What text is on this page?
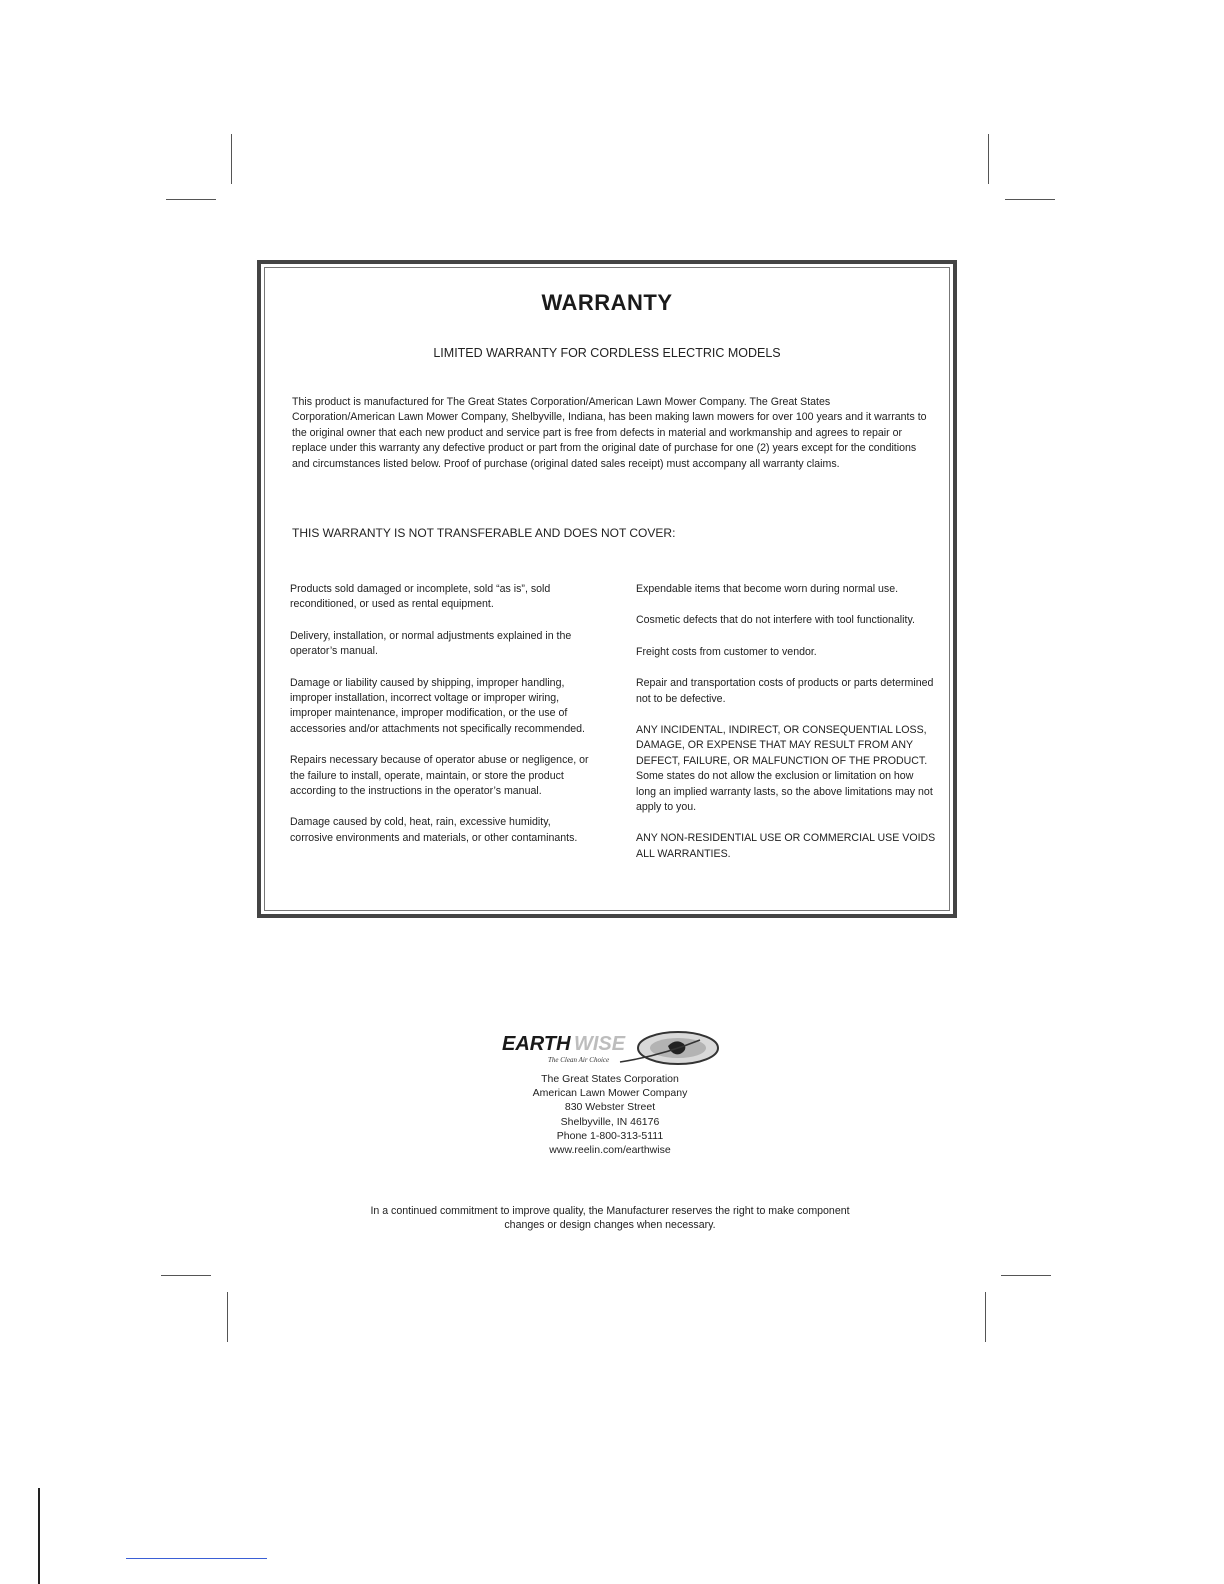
WARRANTY
LIMITED WARRANTY FOR CORDLESS ELECTRIC MODELS
This product is manufactured for The Great States Corporation/American Lawn Mower Company. The Great States Corporation/American Lawn Mower Company, Shelbyville, Indiana, has been making lawn mowers for over 100 years and it warrants to the original owner that each new product and service part is free from defects in material and workmanship and agrees to repair or replace under this warranty any defective product or part from the original date of purchase for one (2) years except for the conditions and circumstances listed below. Proof of purchase (original dated sales receipt) must accompany all warranty claims.
THIS WARRANTY IS NOT TRANSFERABLE AND DOES NOT COVER:

Products sold damaged or incomplete, sold “as is”, sold reconditioned, or used as rental equipment.

Delivery, installation, or normal adjustments explained in the operator’s manual.

Damage or liability caused by shipping, improper handling, improper installation, incorrect voltage or improper wiring, improper maintenance, improper modification, or the use of accessories and/or attachments not specifically recommended.

Repairs necessary because of operator abuse or negligence, or the failure to install, operate, maintain, or store the product according to the instructions in the operator’s manual.

Damage caused by cold, heat, rain, excessive humidity, corrosive environments and materials, or other contaminants.

Expendable items that become worn during normal use.

Cosmetic defects that do not interfere with tool functionality.

Freight costs from customer to vendor.

Repair and transportation costs of products or parts determined not to be defective.

ANY INCIDENTAL, INDIRECT, OR CONSEQUENTIAL LOSS, DAMAGE, OR EXPENSE THAT MAY RESULT FROM ANY DEFECT, FAILURE, OR MALFUNCTION OF THE PRODUCT. Some states do not allow the exclusion or limitation on how long an implied warranty lasts, so the above limitations may not apply to you.

ANY NON-RESIDENTIAL USE OR COMMERCIAL USE VOIDS ALL WARRANTIES.

EARTH WISE
The Clean Air Choice
The Great States Corporation
American Lawn Mower Company
830 Webster Street
Shelbyville, IN 46176
Phone 1-800-313-5111
www.reelin.com/earthwise
In a continued commitment to improve quality, the Manufacturer reserves the right to make component changes or design changes when necessary.
